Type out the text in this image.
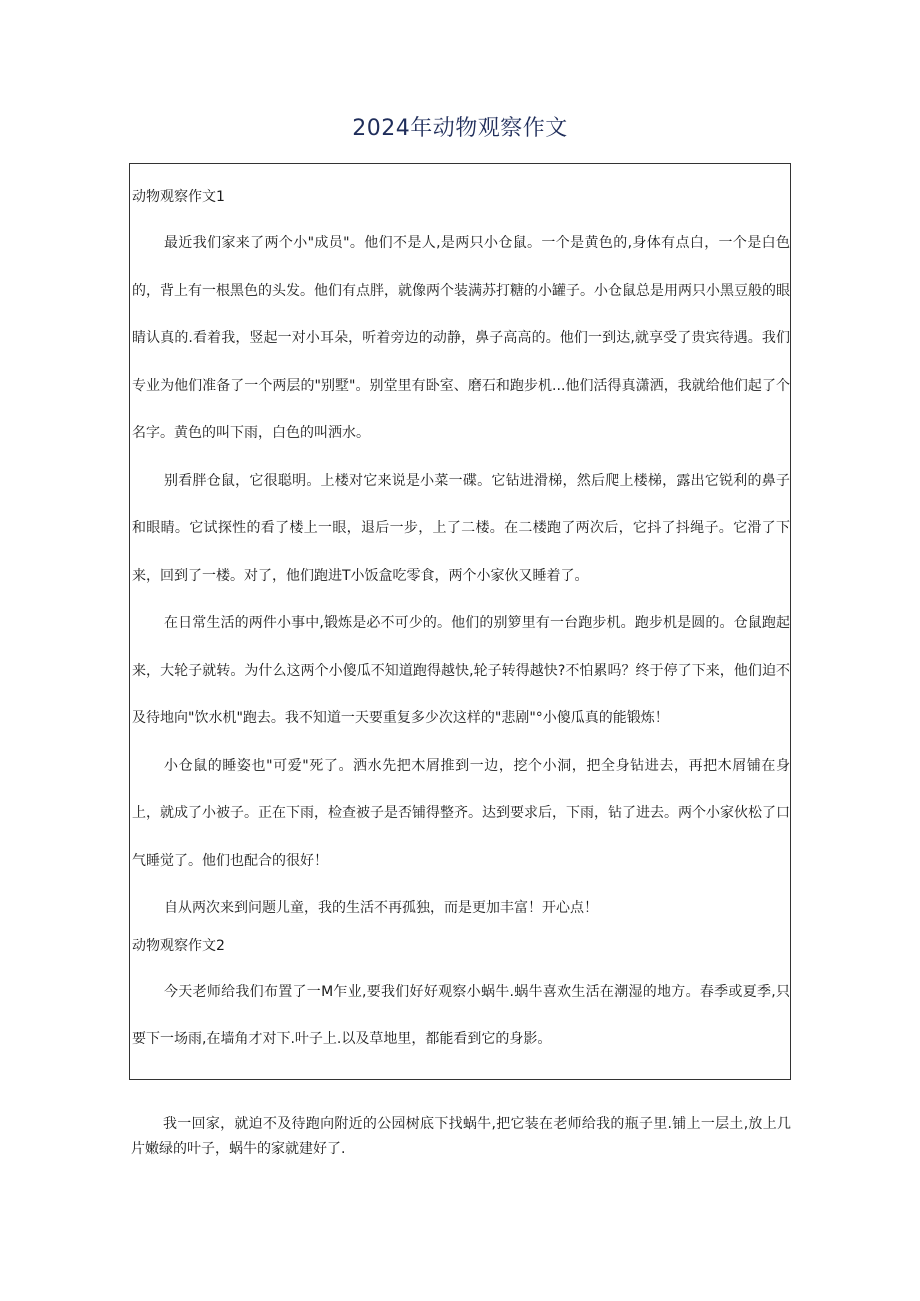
2024年动物观察作文

动物观察作文1

最近我们家来了两个小"成员"。他们不是人,是两只小仓鼠。一个是黄色的,身体有点白，一个是白色的，背上有一根黑色的头发。他们有点胖，就像两个装满苏打糖的小罐子。小仓鼠总是用两只小黑豆般的眼睛认真的.看着我，竖起一对小耳朵，听着旁边的动静，鼻子高高的。他们一到达,就享受了贵宾待遇。我们专业为他们准备了一个两层的"别墅"。别堂里有卧室、磨石和跑步机...他们活得真潇洒，我就给他们起了个名字。黄色的叫下雨，白色的叫洒水。

别看胖仓鼠，它很聪明。上楼对它来说是小菜一碟。它钻进滑梯，然后爬上楼梯，露出它锐利的鼻子和眼睛。它试探性的看了楼上一眼，退后一步，上了二楼。在二楼跑了两次后，它抖了抖绳子。它滑了下来，回到了一楼。对了，他们跑进T小饭盒吃零食，两个小家伙又睡着了。

在日常生活的两件小事中,锻炼是必不可少的。他们的别箩里有一台跑步机。跑步机是圆的。仓鼠跑起来，大轮子就转。为什么这两个小傻瓜不知道跑得越快,轮子转得越快?不怕累吗？终于停了下来，他们迫不及待地向"饮水机"跑去。我不知道一天要重复多少次这样的"悲剧"°小傻瓜真的能锻炼！

小仓鼠的睡姿也"可爱"死了。洒水先把木屑推到一边，挖个小洞，把全身钻进去，再把木屑铺在身上，就成了小被子。正在下雨，检查被子是否铺得整齐。达到要求后，下雨，钻了进去。两个小家伙松了口气睡觉了。他们也配合的很好！

自从两次来到问题儿童，我的生活不再孤独，而是更加丰富！开心点！

动物观察作文2

今天老师给我们布置了一M乍业,要我们好好观察小蜗牛.蜗牛喜欢生活在潮湿的地方。春季或夏季,只要下一场雨,在墙角才对下.叶子上.以及草地里，都能看到它的身影。

我一回家，就迫不及待跑向附近的公园树底下找蜗牛,把它装在老师给我的瓶子里.铺上一层土,放上几片嫩绿的叶子，蜗牛的家就建好了.
